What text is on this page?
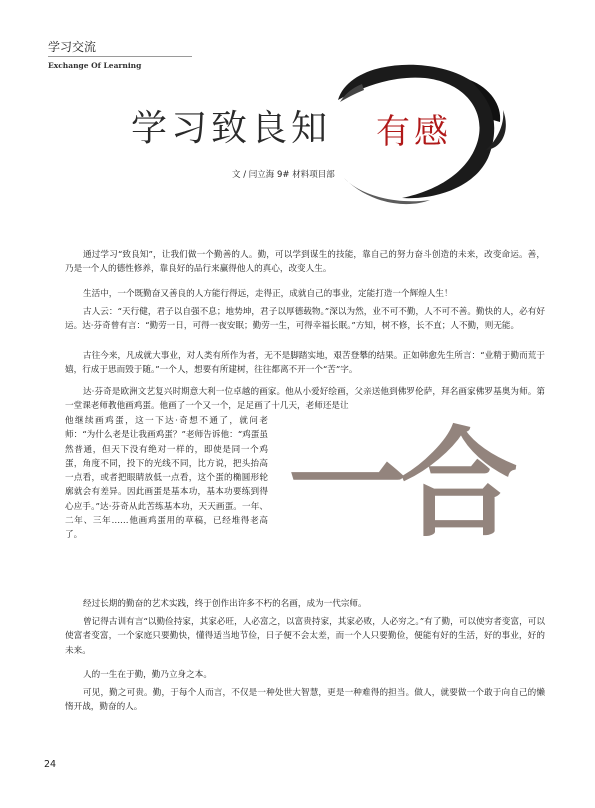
学习交流
Exchange Of Learning
学习致良知 有感
文 / 闫立海 9# 材料项目部
一合

通过学习“致良知”，让我们做一个勤善的人。勤，可以学到谋生的技能，靠自己的努力奋斗创造的未来，改变命运。善，乃是一个人的德性修养，靠良好的品行来赢得他人的真心，改变人生。

生活中，一个既勤奋又善良的人方能行得远，走得正，成就自己的事业，定能打造一个辉煌人生！

古人云：“天行健，君子以自强不息；地势坤，君子以厚德载物。”深以为然，业不可不勤，人不可不善。勤快的人，必有好运。达·芬奇曾有言：“勤劳一日，可得一夜安眠；勤劳一生，可得幸福长眠。”方知，树不修，长不直；人不勤，则无能。

古往今来，凡成就大事业，对人类有所作为者，无不是脚踏实地，艰苦登攀的结果。正如韩愈先生所言：“业精于勤而荒于嬉，行成于思而毁于随。”一个人，想要有所建树，往往都离不开一个“苦”字。

达·芬奇是欧洲文艺复兴时期意大利一位卓越的画家。他从小爱好绘画，父亲送他到佛罗伦萨，拜名画家佛罗基奥为师。第一堂课老师教他画鸡蛋。他画了一个又一个，足足画了十几天，老师还是让

他继续画鸡蛋，这一下达·奇想不通了，就问老师：“为什么老是让我画鸡蛋？”老师告诉他：“鸡蛋虽然普通，但天下没有绝对一样的，即使是同一个鸡蛋，角度不同，投下的光线不同，比方说，把头抬高一点看，或者把眼睛放低一点看，这个蛋的椭圆形轮廓就会有差异。因此画蛋是基本功，基本功要练到得心应手。”达·芬奇从此苦练基本功，天天画蛋。一年、二年、三年……他画鸡蛋用的草稿，已经堆得老高了。

经过长期的勤奋的艺术实践，终于创作出许多不朽的名画，成为一代宗师。

曾记得古训有言“以勤俭持家，其家必旺，人必富之，以富贵持家，其家必败，人必穷之。”有了勤，可以使穷者变富，可以使富者变富，一个家庭只要勤快，懂得适当地节俭，日子便不会太差，而一个人只要勤俭，便能有好的生活，好的事业，好的未来。

人的一生在于勤，勤乃立身之本。

可见，勤之可贵。勤，于每个人而言，不仅是一种处世大智慧，更是一种难得的担当。做人，就要做一个敢于向自己的懒惰开战，勤奋的人。

24
